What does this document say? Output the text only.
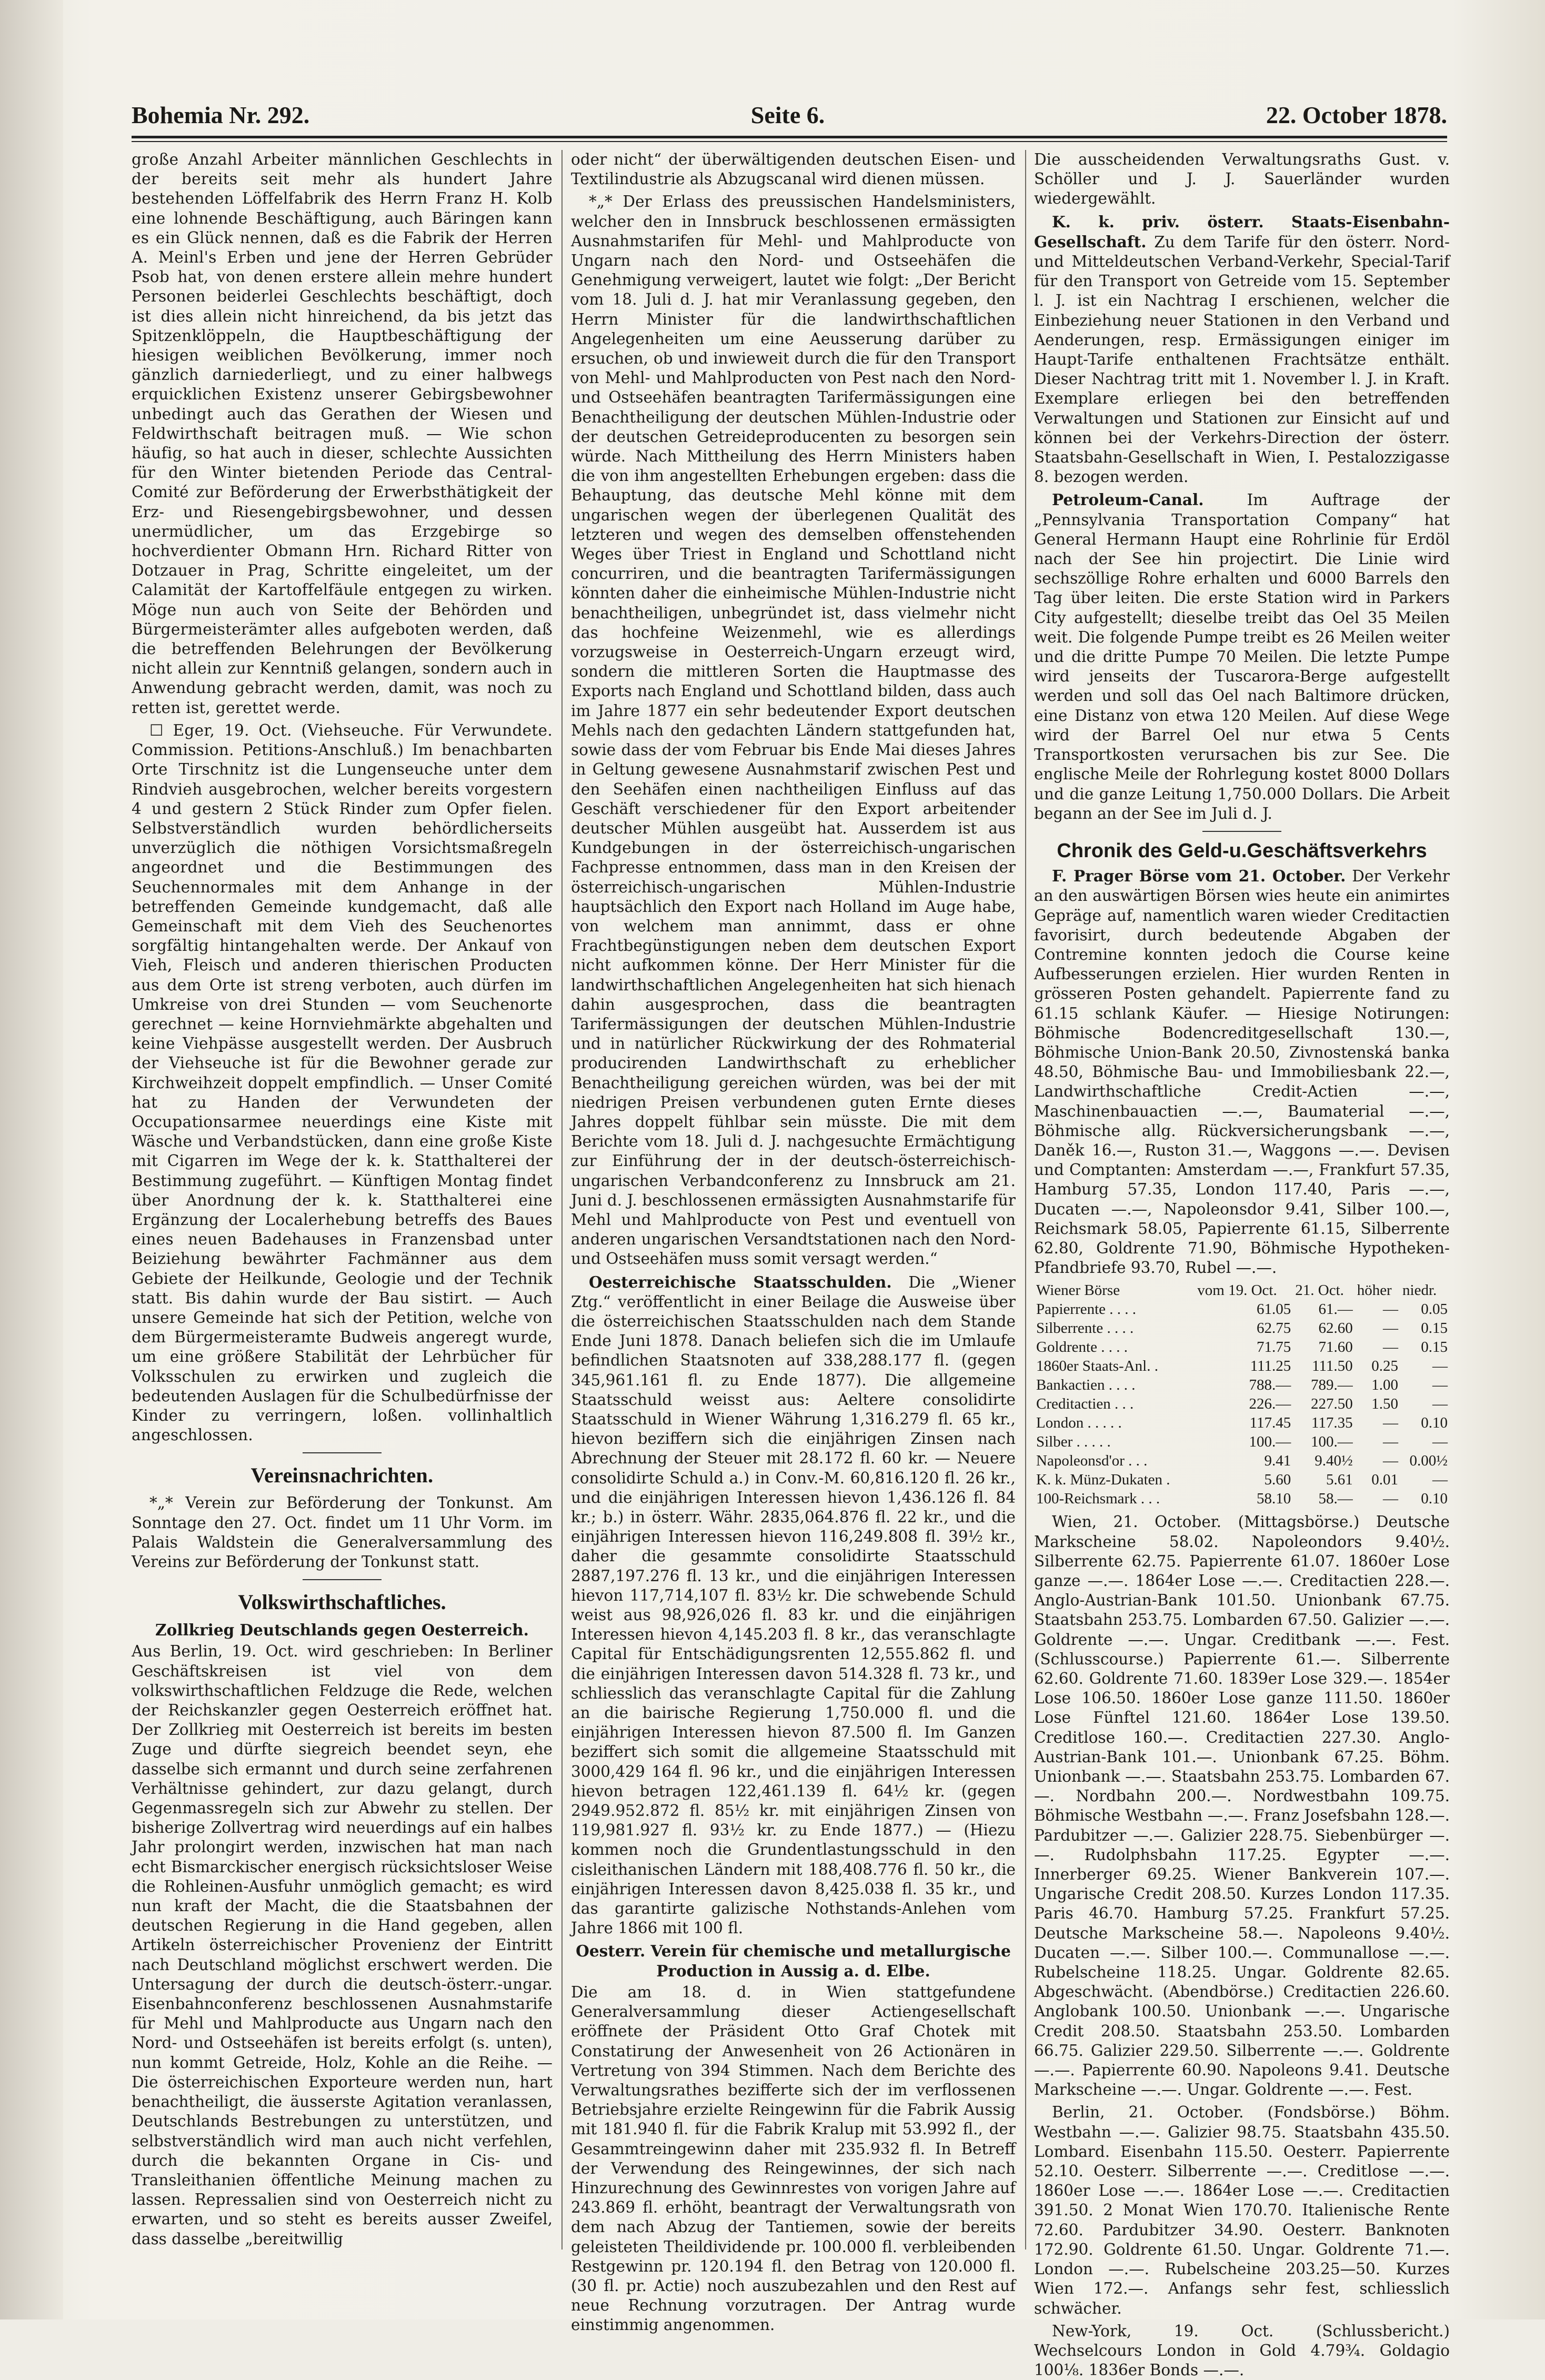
Bohemia Nr. 292.	Seite 6.	22. October 1878.

große Anzahl Arbeiter männlichen Geschlechts in der bereits seit mehr als hundert Jahre bestehenden Löffelfabrik des Herrn Franz H. Kolb eine lohnende Beschäftigung, auch Bäringen kann es ein Glück nennen, daß es die Fabrik der Herren A. Meinl's Erben und jene der Herren Gebrüder Psob hat, von denen erstere allein mehre hundert Personen beiderlei Geschlechts beschäftigt, doch ist dies allein nicht hinreichend, da bis jetzt das Spitzenklöppeln, die Hauptbeschäftigung der hiesigen weiblichen Bevölkerung, immer noch gänzlich darniederliegt, und zu einer halbwegs erquicklichen Existenz unserer Gebirgsbewohner unbedingt auch das Gerathen der Wiesen und Feldwirthschaft beitragen muß. — Wie schon häufig, so hat auch in dieser, schlechte Aussichten für den Winter bietenden Periode das Central-Comité zur Beförderung der Erwerbsthätigkeit der Erz- und Riesengebirgsbewohner, und dessen unermüdlicher, um das Erzgebirge so hochverdienter Obmann Hrn. Richard Ritter von Dotzauer in Prag, Schritte eingeleitet, um der Calamität der Kartoffelfäule entgegen zu wirken. Möge nun auch von Seite der Behörden und Bürgermeisterämter alles aufgeboten werden, daß die betreffenden Belehrungen der Bevölkerung nicht allein zur Kenntniß gelangen, sondern auch in Anwendung gebracht werden, damit, was noch zu retten ist, gerettet werde.

☐ Eger, 19. Oct. (Viehseuche. Für Verwundete. Commission. Petitions-Anschluß.) Im benachbarten Orte Tirschnitz ist die Lungenseuche unter dem Rindvieh ausgebrochen, welcher bereits vorgestern 4 und gestern 2 Stück Rinder zum Opfer fielen. Selbstverständlich wurden behördlicherseits unverzüglich die nöthigen Vorsichtsmaßregeln angeordnet und die Bestimmungen des Seuchennormales mit dem Anhange in der betreffenden Gemeinde kundgemacht, daß alle Gemeinschaft mit dem Vieh des Seuchenortes sorgfältig hintangehalten werde. Der Ankauf von Vieh, Fleisch und anderen thierischen Producten aus dem Orte ist streng verboten, auch dürfen im Umkreise von drei Stunden — vom Seuchenorte gerechnet — keine Hornviehmärkte abgehalten und keine Viehpässe ausgestellt werden. Der Ausbruch der Viehseuche ist für die Bewohner gerade zur Kirchweihzeit doppelt empfindlich. — Unser Comité hat zu Handen der Verwundeten der Occupationsarmee neuerdings eine Kiste mit Wäsche und Verbandstücken, dann eine große Kiste mit Cigarren im Wege der k. k. Statthalterei der Bestimmung zugeführt. — Künftigen Montag findet über Anordnung der k. k. Statthalterei eine Ergänzung der Localerhebung betreffs des Baues eines neuen Badehauses in Franzensbad unter Beiziehung bewährter Fachmänner aus dem Gebiete der Heilkunde, Geologie und der Technik statt. Bis dahin wurde der Bau sistirt. — Auch unsere Gemeinde hat sich der Petition, welche von dem Bürgermeisteramte Budweis angeregt wurde, um eine größere Stabilität der Lehrbücher für Volksschulen zu erwirken und zugleich die bedeutenden Auslagen für die Schulbedürfnisse der Kinder zu verringern, loßen. vollinhaltlich angeschlossen.

Vereinsnachrichten.

*„* Verein zur Beförderung der Tonkunst. Am Sonntage den 27. Oct. findet um 11 Uhr Vorm. im Palais Waldstein die Generalversammlung des Vereins zur Beförderung der Tonkunst statt.

Volkswirthschaftliches.

Zollkrieg Deutschlands gegen Oesterreich.

Aus Berlin, 19. Oct. wird geschrieben: In Berliner Geschäftskreisen ist viel von dem volkswirthschaftlichen Feldzuge die Rede, welchen der Reichskanzler gegen Oesterreich eröffnet hat. Der Zollkrieg mit Oesterreich ist bereits im besten Zuge und dürfte siegreich beendet seyn, ehe dasselbe sich ermannt und durch seine zerfahrenen Verhältnisse gehindert, zur dazu gelangt, durch Gegenmassregeln sich zur Abwehr zu stellen. Der bisherige Zollvertrag wird neuerdings auf ein halbes Jahr prolongirt werden, inzwischen hat man nach echt Bismarckischer energisch rücksichtsloser Weise die Rohleinen-Ausfuhr unmöglich gemacht; es wird nun kraft der Macht, die die Staatsbahnen der deutschen Regierung in die Hand gegeben, allen Artikeln österreichischer Provenienz der Eintritt nach Deutschland möglichst erschwert werden. Die Untersagung der durch die deutsch-österr.-ungar. Eisenbahnconferenz beschlossenen Ausnahmstarife für Mehl und Mahlproducte aus Ungarn nach den Nord- und Ostseehäfen ist bereits erfolgt (s. unten), nun kommt Getreide, Holz, Kohle an die Reihe. — Die österreichischen Exporteure werden nun, hart benachtheiligt, die äusserste Agitation veranlassen, Deutschlands Bestrebungen zu unterstützen, und selbstverständlich wird man auch nicht verfehlen, durch die bekannten Organe in Cis- und Transleithanien öffentliche Meinung machen zu lassen. Repressalien sind von Oesterreich nicht zu erwarten, und so steht es bereits ausser Zweifel, dass dasselbe „bereitwillig

oder nicht“ der überwältigenden deutschen Eisen- und Textilindustrie als Abzugscanal wird dienen müssen.

*„* Der Erlass des preussischen Handelsministers, welcher den in Innsbruck beschlossenen ermässigten Ausnahmstarifen für Mehl- und Mahlproducte von Ungarn nach den Nord- und Ostseehäfen die Genehmigung verweigert, lautet wie folgt: „Der Bericht vom 18. Juli d. J. hat mir Veranlassung gegeben, den Herrn Minister für die landwirthschaftlichen Angelegenheiten um eine Aeusserung darüber zu ersuchen, ob und inwieweit durch die für den Transport von Mehl- und Mahlproducten von Pest nach den Nord- und Ostseehäfen beantragten Tarifermässigungen eine Benachtheiligung der deutschen Mühlen-Industrie oder der deutschen Getreideproducenten zu besorgen sein würde. Nach Mittheilung des Herrn Ministers haben die von ihm angestellten Erhebungen ergeben: dass die Behauptung, das deutsche Mehl könne mit dem ungarischen wegen der überlegenen Qualität des letzteren und wegen des demselben offenstehenden Weges über Triest in England und Schottland nicht concurriren, und die beantragten Tarifermässigungen könnten daher die einheimische Mühlen-Industrie nicht benachtheiligen, unbegründet ist, dass vielmehr nicht das hochfeine Weizenmehl, wie es allerdings vorzugsweise in Oesterreich-Ungarn erzeugt wird, sondern die mittleren Sorten die Hauptmasse des Exports nach England und Schottland bilden, dass auch im Jahre 1877 ein sehr bedeutender Export deutschen Mehls nach den gedachten Ländern stattgefunden hat, sowie dass der vom Februar bis Ende Mai dieses Jahres in Geltung gewesene Ausnahmstarif zwischen Pest und den Seehäfen einen nachtheiligen Einfluss auf das Geschäft verschiedener für den Export arbeitender deutscher Mühlen ausgeübt hat. Ausserdem ist aus Kundgebungen in der österreichisch-ungarischen Fachpresse entnommen, dass man in den Kreisen der österreichisch-ungarischen Mühlen-Industrie hauptsächlich den Export nach Holland im Auge habe, von welchem man annimmt, dass er ohne Frachtbegünstigungen neben dem deutschen Export nicht aufkommen könne. Der Herr Minister für die landwirthschaftlichen Angelegenheiten hat sich hienach dahin ausgesprochen, dass die beantragten Tarifermässigungen der deutschen Mühlen-Industrie und in natürlicher Rückwirkung der des Rohmaterial producirenden Landwirthschaft zu erheblicher Benachtheiligung gereichen würden, was bei der mit niedrigen Preisen verbundenen guten Ernte dieses Jahres doppelt fühlbar sein müsste. Die mit dem Berichte vom 18. Juli d. J. nachgesuchte Ermächtigung zur Einführung der in der deutsch-österreichisch-ungarischen Verbandconferenz zu Innsbruck am 21. Juni d. J. beschlossenen ermässigten Ausnahmstarife für Mehl und Mahlproducte von Pest und eventuell von anderen ungarischen Versandtstationen nach den Nord- und Ostseehäfen muss somit versagt werden.“

Oesterreichische Staatsschulden. Die „Wiener Ztg.“ veröffentlicht in einer Beilage die Ausweise über die österreichischen Staatsschulden nach dem Stande Ende Juni 1878. Danach beliefen sich die im Umlaufe befindlichen Staatsnoten auf 338,288.177 fl. (gegen 345,961.161 fl. zu Ende 1877). Die allgemeine Staatsschuld weisst aus: Aeltere consolidirte Staatsschuld in Wiener Währung 1,316.279 fl. 65 kr., hievon beziffern sich die einjährigen Zinsen nach Abrechnung der Steuer mit 28.172 fl. 60 kr. — Neuere consolidirte Schuld a.) in Conv.-M. 60,816.120 fl. 26 kr., und die einjährigen Interessen hievon 1,436.126 fl. 84 kr.; b.) in österr. Währ. 2835,064.876 fl. 22 kr., und die einjährigen Interessen hievon 116,249.808 fl. 39½ kr., daher die gesammte consolidirte Staatsschuld 2887,197.276 fl. 13 kr., und die einjährigen Interessen hievon 117,714,107 fl. 83½ kr. Die schwebende Schuld weist aus 98,926,026 fl. 83 kr. und die einjährigen Interessen hievon 4,145.203 fl. 8 kr., das veranschlagte Capital für Entschädigungsrenten 12,555.862 fl. und die einjährigen Interessen davon 514.328 fl. 73 kr., und schliesslich das veranschlagte Capital für die Zahlung an die bairische Regierung 1,750.000 fl. und die einjährigen Interessen hievon 87.500 fl. Im Ganzen beziffert sich somit die allgemeine Staatsschuld mit 3000,429 164 fl. 96 kr., und die einjährigen Interessen hievon betragen 122,461.139 fl. 64½ kr. (gegen 2949.952.872 fl. 85½ kr. mit einjährigen Zinsen von 119,981.927 fl. 93½ kr. zu Ende 1877.) — (Hiezu kommen noch die Grundentlastungsschuld in den cisleithanischen Ländern mit 188,408.776 fl. 50 kr., die einjährigen Interessen davon 8,425.038 fl. 35 kr., und das garantirte galizische Nothstands-Anlehen vom Jahre 1866 mit 100 fl.

Oesterr. Verein für chemische und metallurgische Production in Aussig a. d. Elbe.

Die am 18. d. in Wien stattgefundene Generalversammlung dieser Actiengesellschaft eröffnete der Präsident Otto Graf Chotek mit Constatirung der Anwesenheit von 26 Actionären in Vertretung von 394 Stimmen. Nach dem Berichte des Verwaltungsrathes bezifferte sich der im verflossenen Betriebsjahre erzielte Reingewinn für die Fabrik Aussig mit 181.940 fl. für die Fabrik Kralup mit 53.992 fl., der Gesammtreingewinn daher mit 235.932 fl. In Betreff der Verwendung des Reingewinnes, der sich nach Hinzurechnung des Gewinnrestes von vorigen Jahre auf 243.869 fl. erhöht, beantragt der Verwaltungsrath von dem nach Abzug der Tantiemen, sowie der bereits geleisteten Theildividende pr. 100.000 fl. verbleibenden Restgewinn pr. 120.194 fl. den Betrag von 120.000 fl. (30 fl. pr. Actie) noch auszubezahlen und den Rest auf neue Rechnung vorzutragen. Der Antrag wurde einstimmig angenommen.

Die ausscheidenden Verwaltungsraths Gust. v. Schöller und J. J. Sauerländer wurden wiedergewählt.

K. k. priv. österr. Staats-Eisenbahn-Gesellschaft. Zu dem Tarife für den österr. Nord- und Mitteldeutschen Verband-Verkehr, Special-Tarif für den Transport von Getreide vom 15. September l. J. ist ein Nachtrag I erschienen, welcher die Einbeziehung neuer Stationen in den Verband und Aenderungen, resp. Ermässigungen einiger im Haupt-Tarife enthaltenen Frachtsätze enthält. Dieser Nachtrag tritt mit 1. November l. J. in Kraft. Exemplare erliegen bei den betreffenden Verwaltungen und Stationen zur Einsicht auf und können bei der Verkehrs-Direction der österr. Staatsbahn-Gesellschaft in Wien, I. Pestalozzigasse 8. bezogen werden.

Petroleum-Canal.	Im Auftrage der „Pennsylvania Transportation Company“ hat General Hermann Haupt eine Rohrlinie für Erdöl nach der See hin projectirt. Die Linie wird sechszöllige Rohre erhalten und 6000 Barrels den Tag über leiten. Die erste Station wird in Parkers City aufgestellt; dieselbe treibt das Oel 35 Meilen weit. Die folgende Pumpe treibt es 26 Meilen weiter und die dritte Pumpe 70 Meilen. Die letzte Pumpe wird jenseits der Tuscarora-Berge aufgestellt werden und soll das Oel nach Baltimore drücken, eine Distanz von etwa 120 Meilen. Auf diese Wege wird der Barrel Oel nur etwa 5 Cents Transportkosten verursachen bis zur See. Die englische Meile der Rohrlegung kostet 8000 Dollars und die ganze Leitung 1,750.000 Dollars. Die Arbeit begann an der See im Juli d. J.

Chronik des Geld-u.Geschäftsverkehrs

F. Prager Börse vom 21. October. Der Verkehr an den auswärtigen Börsen wies heute ein animirtes Gepräge auf, namentlich waren wieder Creditactien favorisirt, durch bedeutende Abgaben der Contremine konnten jedoch die Course keine Aufbesserungen erzielen. Hier wurden Renten in grösseren Posten gehandelt. Papierrente fand zu 61.15 schlank Käufer. — Hiesige Notirungen: Böhmische Bodencreditgesellschaft 130.—, Böhmische Union-Bank 20.50, Zivnostenská banka 48.50, Böhmische Bau- und Immobiliesbank 22.—, Landwirthschaftliche Credit-Actien —.—, Maschinenbauactien —.—, Baumaterial —.—, Böhmische allg. Rückversicherungsbank —.—, Daněk 16.—, Ruston 31.—, Waggons —.—. Devisen und Comptanten: Amsterdam —.—, Frankfurt 57.35, Hamburg 57.35, London 117.40, Paris —.—, Ducaten —.—, Napoleonsdor 9.41, Silber 100.—, Reichsmark 58.05, Papierrente 61.15, Silberrente 62.80, Goldrente 71.90, Böhmische Hypotheken-Pfandbriefe 93.70, Rubel —.—.

Wiener Börse	vom 19. Oct.	21. Oct.	höher	niedr.
Papierrente . . . .	61.05	61.—	—	0.05
Silberrente . . . .	62.75	62.60	—	0.15
Goldrente . . . .	71.75	71.60	—	0.15
1860er Staats-Anl. .	111.25	111.50	0.25	—
Bankactien . . . .	788.—	789.—	1.00	—
Creditactien . . .	226.—	227.50	1.50	—
London . . . . .	117.45	117.35	—	0.10
Silber . . . . .	100.—	100.—	—	—
Napoleonsd'or . . .	9.41	9.40½	—	0.00½
K. k. Münz-Dukaten .	5.60	5.61	0.01	—
100-Reichsmark . . .	58.10	58.—	—	0.10

Wien, 21. October. (Mittagsbörse.) Deutsche Markscheine 58.02. Napoleondors 9.40½. Silberrente 62.75. Papierrente 61.07. 1860er Lose ganze —.—. 1864er Lose —.—. Creditactien 228.—. Anglo-Austrian-Bank 101.50. Unionbank 67.75. Staatsbahn 253.75. Lombarden 67.50. Galizier —.—. Goldrente —.—. Ungar. Creditbank —.—. Fest. (Schlusscourse.) Papierrente 61.—. Silberrente 62.60. Goldrente 71.60. 1839er Lose 329.—. 1854er Lose 106.50. 1860er Lose ganze 111.50. 1860er Lose Fünftel 121.60. 1864er Lose 139.50. Creditlose 160.—. Creditactien 227.30. Anglo-Austrian-Bank 101.—. Unionbank 67.25. Böhm. Unionbank —.—. Staatsbahn 253.75. Lombarden 67.—. Nordbahn 200.—. Nordwestbahn 109.75. Böhmische Westbahn —.—. Franz Josefsbahn 128.—. Pardubitzer —.—. Galizier 228.75. Siebenbürger —.—. Rudolphsbahn 117.25. Egypter —.—. Innerberger 69.25. Wiener Bankverein 107.—. Ungarische Credit 208.50. Kurzes London 117.35. Paris 46.70. Hamburg 57.25. Frankfurt 57.25. Deutsche Markscheine 58.—. Napoleons 9.40½. Ducaten —.—. Silber 100.—. Communallose —.—. Rubelscheine 118.25. Ungar. Goldrente 82.65. Abgeschwächt. (Abendbörse.) Creditactien 226.60. Anglobank 100.50. Unionbank —.—. Ungarische Credit 208.50. Staatsbahn 253.50. Lombarden 66.75. Galizier 229.50. Silberrente —.—. Goldrente —.—. Papierrente 60.90. Napoleons 9.41. Deutsche Markscheine —.—. Ungar. Goldrente —.—. Fest.

Berlin, 21. October. (Fondsbörse.) Böhm. Westbahn —.—. Galizier 98.75. Staatsbahn 435.50. Lombard. Eisenbahn 115.50. Oesterr. Papierrente 52.10. Oesterr. Silberrente —.—. Creditlose —.—. 1860er Lose —.—. 1864er Lose —.—. Creditactien 391.50. 2 Monat Wien 170.70. Italienische Rente 72.60. Pardubitzer 34.90. Oesterr. Banknoten 172.90. Goldrente 61.50. Ungar. Goldrente 71.—. London —.—. Rubelscheine 203.25—50. Kurzes Wien 172.—. Anfangs sehr fest, schliesslich schwächer.

New-York, 19. Oct. (Schlussbericht.) Wechselcours London in Gold 4.79¾. Goldagio 100⅛. 1836er Bonds —.—.
